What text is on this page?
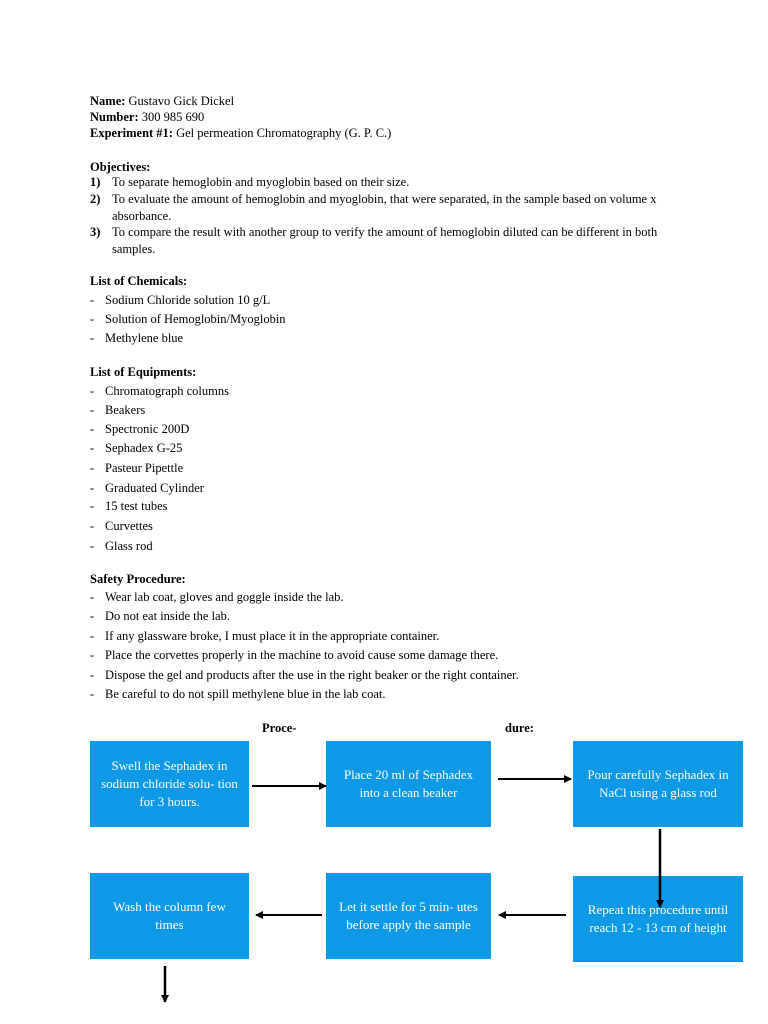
Name: Gustavo Gick Dickel
Number: 300 985 690
Experiment #1: Gel permeation Chromatography (G. P. C.)
Objectives:
1) To separate hemoglobin and myoglobin based on their size.
2) To evaluate the amount of hemoglobin and myoglobin, that were separated, in the sample based on volume x absorbance.
3) To compare the result with another group to verify the amount of hemoglobin diluted can be different in both samples.
List of Chemicals:
- Sodium Chloride solution 10 g/L
- Solution of Hemoglobin/Myoglobin
- Methylene blue
List of Equipments:
- Chromatograph columns
- Beakers
- Spectronic 200D
- Sephadex G-25
- Pasteur Pipettle
- Graduated Cylinder
- 15 test tubes
- Curvettes
- Glass rod
Safety Procedure:
- Wear lab coat, gloves and goggle inside the lab.
- Do not eat inside the lab.
- If any glassware broke, I must place it in the appropriate container.
- Place the corvettes properly in the machine to avoid cause some damage there.
- Dispose the gel and products after the use in the right beaker or the right container.
- Be careful to do not spill methylene blue in the lab coat.
Proce-	dure:
Swell the Sephadex in sodium chloride solu- tion for 3 hours.
Place 20 ml of Sephadex into a clean beaker
Pour carefully Sephadex in NaCl using a glass rod
Repeat this procedure until reach 12 - 13 cm of height
Let it settle for 5 min- utes before apply the sample
Wash the column few times
